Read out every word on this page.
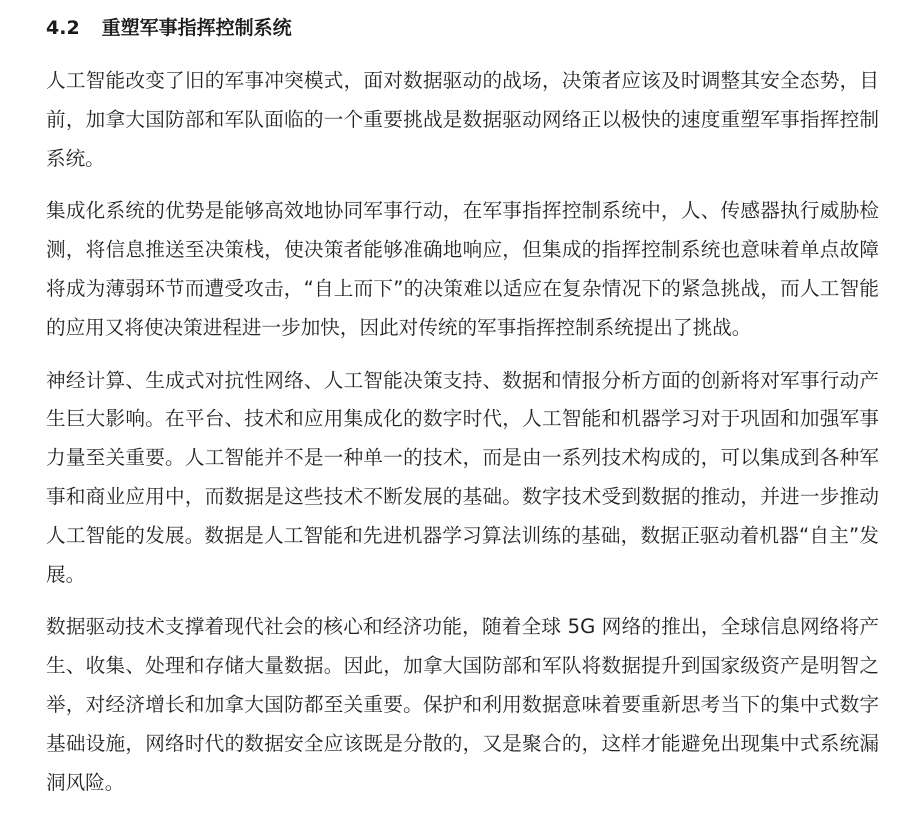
4.2 重塑军事指挥控制系统

人工智能改变了旧的军事冲突模式，面对数据驱动的战场，决策者应该及时调整其安全态势，目前，加拿大国防部和军队面临的一个重要挑战是数据驱动网络正以极快的速度重塑军事指挥控制系统。

集成化系统的优势是能够高效地协同军事行动，在军事指挥控制系统中，人、传感器执行威胁检测，将信息推送至决策栈，使决策者能够准确地响应，但集成的指挥控制系统也意味着单点故障将成为薄弱环节而遭受攻击，“自上而下”的决策难以适应在复杂情况下的紧急挑战，而人工智能的应用又将使决策进程进一步加快，因此对传统的军事指挥控制系统提出了挑战。

神经计算、生成式对抗性网络、人工智能决策支持、数据和情报分析方面的创新将对军事行动产生巨大影响。在平台、技术和应用集成化的数字时代，人工智能和机器学习对于巩固和加强军事力量至关重要。人工智能并不是一种单一的技术，而是由一系列技术构成的，可以集成到各种军事和商业应用中，而数据是这些技术不断发展的基础。数字技术受到数据的推动，并进一步推动人工智能的发展。数据是人工智能和先进机器学习算法训练的基础，数据正驱动着机器“自主”发展。

数据驱动技术支撑着现代社会的核心和经济功能，随着全球 5G 网络的推出，全球信息网络将产生、收集、处理和存储大量数据。因此，加拿大国防部和军队将数据提升到国家级资产是明智之举，对经济增长和加拿大国防都至关重要。保护和利用数据意味着要重新思考当下的集中式数字基础设施，网络时代的数据安全应该既是分散的，又是聚合的，这样才能避免出现集中式系统漏洞风险。
